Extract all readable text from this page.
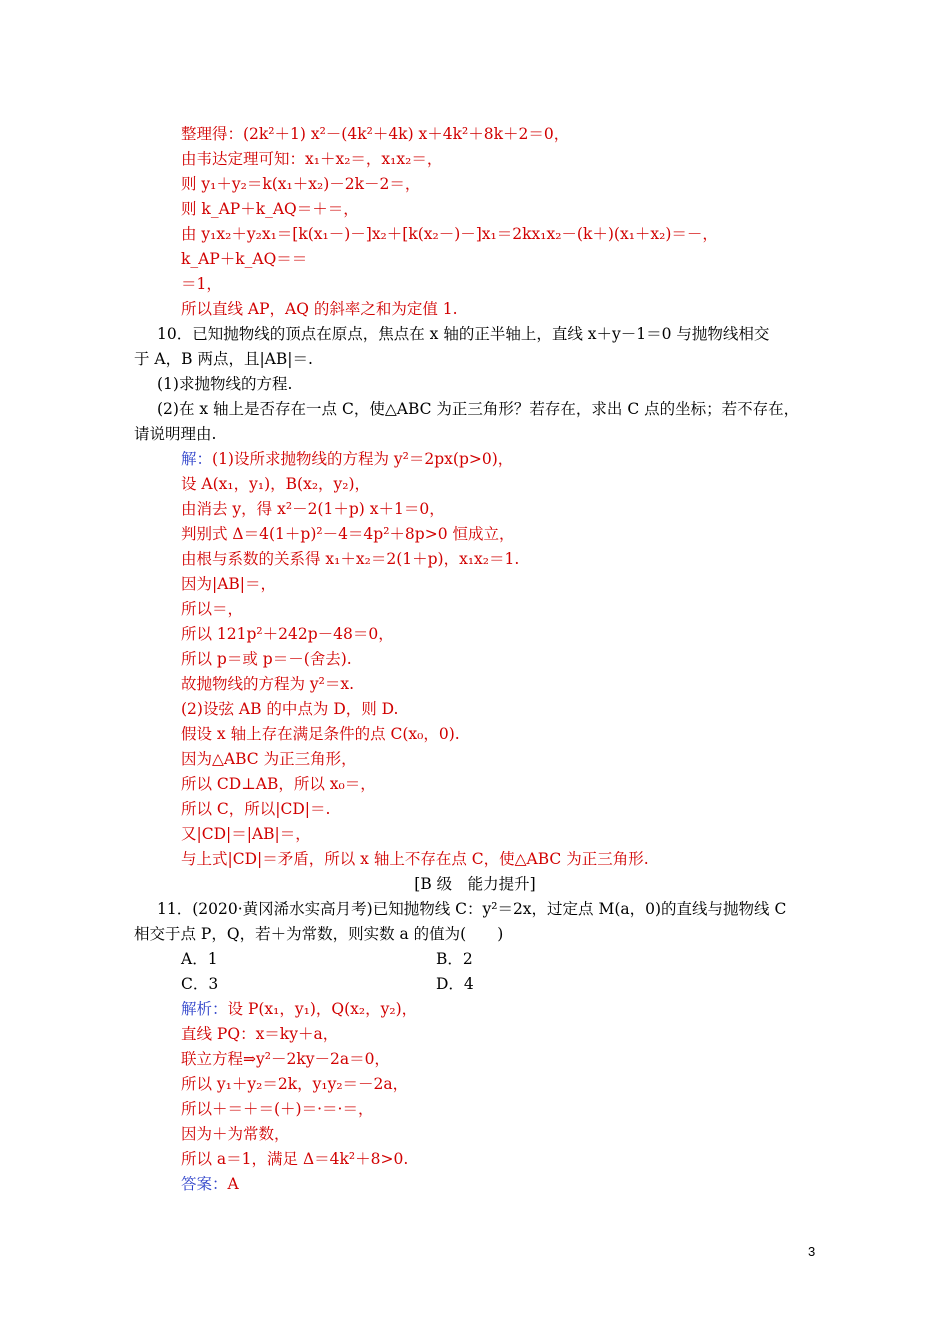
整理得：(2k²＋1) x²－(4k²＋4k) x＋4k²＋8k＋2＝0，
由韦达定理可知：x₁＋x₂＝，x₁x₂＝，
则 y₁＋y₂＝k(x₁＋x₂)－2k－2＝，
则 k_AP＋k_AQ＝＋＝，
由 y₁x₂＋y₂x₁＝[k(x₁－)－]x₂＋[k(x₂－)－]x₁＝2kx₁x₂－(k＋)(x₁＋x₂)＝－，
k_AP＋k_AQ＝＝
＝1，
所以直线 AP，AQ 的斜率之和为定值 1.
10．已知抛物线的顶点在原点，焦点在 x 轴的正半轴上，直线 x＋y－1＝0 与抛物线相交
于 A，B 两点，且|AB|＝.
(1)求抛物线的方程.
(2)在 x 轴上是否存在一点 C，使△ABC 为正三角形？若存在，求出 C 点的坐标；若不存在，
请说明理由.
解：(1)设所求抛物线的方程为 y²＝2px(p>0)，
设 A(x₁，y₁)，B(x₂，y₂)，
由消去 y，得 x²－2(1＋p) x＋1＝0，
判别式 Δ＝4(1＋p)²－4＝4p²＋8p>0 恒成立，
由根与系数的关系得 x₁＋x₂＝2(1＋p)，x₁x₂＝1.
因为|AB|＝，
所以＝，
所以 121p²＋242p－48＝0，
所以 p＝或 p＝－(舍去).
故抛物线的方程为 y²＝x.
(2)设弦 AB 的中点为 D，则 D.
假设 x 轴上存在满足条件的点 C(x₀，0).
因为△ABC 为正三角形，
所以 CD⊥AB，所以 x₀＝，
所以 C，所以|CD|＝.
又|CD|＝|AB|＝，
与上式|CD|＝矛盾，所以 x 轴上不存在点 C，使△ABC 为正三角形.
[B 级　能力提升]
11．(2020·黄冈浠水实高月考)已知抛物线 C：y²＝2x，过定点 M(a，0)的直线与抛物线 C
相交于点 P，Q，若＋为常数，则实数 a 的值为(　　)
A．1	B．2
C．3	D．4
解析：设 P(x₁，y₁)，Q(x₂，y₂)，
直线 PQ：x＝ky＋a，
联立方程⇒y²－2ky－2a＝0，
所以 y₁＋y₂＝2k，y₁y₂＝－2a，
所以＋＝＋＝(＋)＝·＝·＝，
因为＋为常数，
所以 a＝1，满足 Δ＝4k²＋8>0.
答案：A
3
